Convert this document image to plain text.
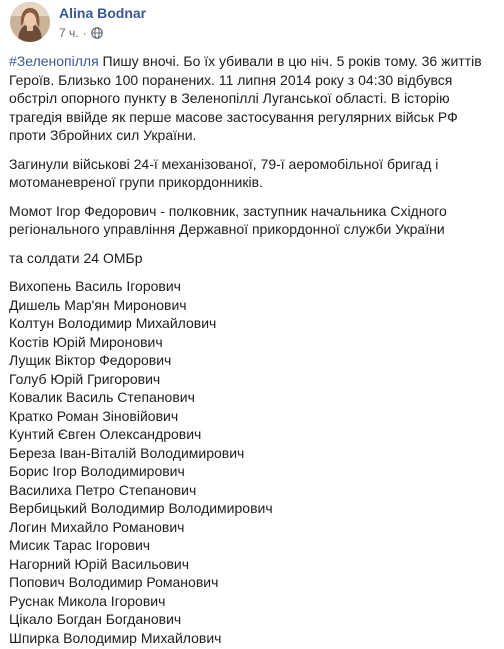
Alina Bodnar
7 ч. ·

#Зеленопілля Пишу вночі. Бо їх убивали в цю ніч. 5 років тому. 36 життів Героїв. Близько 100 поранених. 11 липня 2014 року з 04:30 відбувся обстріл опорного пункту в Зеленопіллі Луганської області. В історію трагедія ввійде як перше масове застосування регулярних військ РФ проти Збройних сил України.

Загинули військові 24-ї механізованої, 79-ї аеромобільної бригад і мотоманевреної групи прикордонників.

Момот Ігор Федорович - полковник, заступник начальника Східного регіонального управління Державної прикордонної служби України

та солдати 24 ОМБр

Вихопень Василь Ігорович
Дишель Мар'ян Миронович
Колтун Володимир Михайлович
Костів Юрій Миронович
Лущик Віктор Федорович
Голуб Юрій Григорович
Ковалик Василь Степанович
Кратко Роман Зіновійович
Кунтий Євген Олександрович
Береза Іван-Віталій Володимирович
Борис Ігор Володимирович
Василиха Петро Степанович
Вербицький Володимир Володимирович
Логин Михайло Романович
Мисик Тарас Ігорович
Нагорний Юрій Васильович
Попович Володимир Романович
Руснак Микола Ігорович
Цікало Богдан Богданович
Шпирка Володимир Михайлович
